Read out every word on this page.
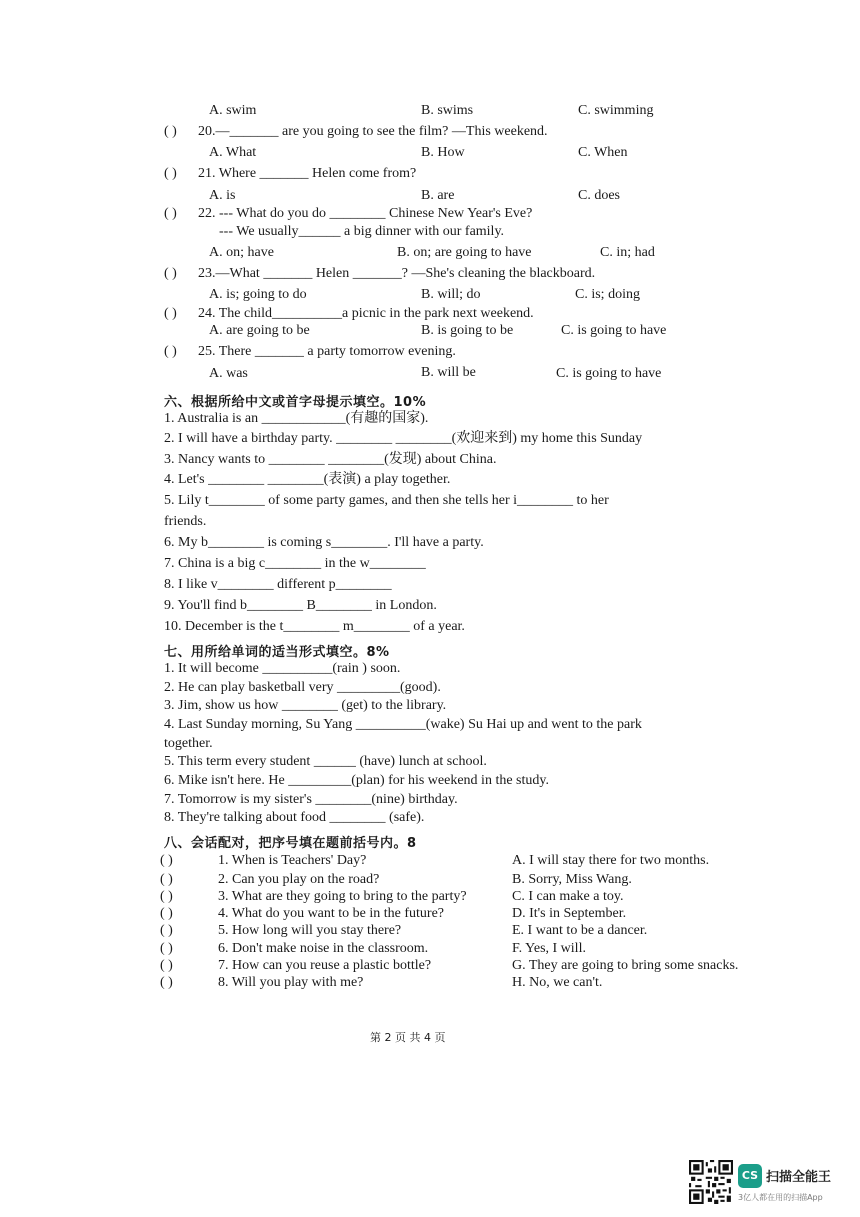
A. swim	B. swims	C. swimming
( ) 20.—_______ are you going to see the film? —This weekend.
A. What	B. How	C. When
( ) 21. Where _______ Helen come from?
A. is	B. are	C. does
( ) 22. --- What do you do ________ Chinese New Year's Eve?
--- We usually______ a big dinner with our family.
A. on; have	B. on; are going to have	C. in; had
( ) 23.—What _______ Helen _______? —She's cleaning the blackboard.
A. is; going to do	B. will; do	C. is; doing
( ) 24. The child__________a picnic in the park next weekend.
A. are going to be	B. is going to be	C. is going to have
( ) 25. There _______ a party tomorrow evening.
A. was	B. will be	C. is going to have
六、根据所给中文或首字母提示填空。10%
1. Australia is an ____________(有趣的国家).
2. I will have a birthday party. ________ ________(欢迎来到) my home this Sunday
3. Nancy wants to ________ ________(发现) about China.
4. Let's ________ ________(表演) a play together.
5. Lily t________ of some party games, and then she tells her i________ to her
friends.
6. My b________ is coming s________. I'll have a party.
7. China is a big c________ in the w________
8. I like v________ different p________
9. You'll find b________ B________ in London.
10. December is the t________ m________ of a year.
七、用所给单词的适当形式填空。8%
1. It will become __________(rain ) soon.
2. He can play basketball very _________(good).
3. Jim, show us how ________ (get) to the library.
4. Last Sunday morning, Su Yang __________(wake) Su Hai up and went to the park
together.
5. This term every student ______ (have) lunch at school.
6. Mike isn't here. He _________(plan) for his weekend in the study.
7. Tomorrow is my sister's ________(nine) birthday.
8. They're talking about food ________ (safe).
八、会话配对，把序号填在题前括号内。8
( )	1. When is Teachers' Day?	A. I will stay there for two months.
( )	2. Can you play on the road?	B. Sorry, Miss Wang.
( )	3. What are they going to bring to the party?	C. I can make a toy.
( )	4. What do you want to be in the future?	D. It's in September.
( )	5. How long will you stay there?	E. I want to be a dancer.
( )	6. Don't make noise in the classroom.	F. Yes, I will.
( )	7. How can you reuse a plastic bottle?	G. They are going to bring some snacks.
( )	8. Will you play with me?	H. No, we can't.
第 2 页 共 4 页
CS 扫描全能王
3亿人都在用的扫描App
